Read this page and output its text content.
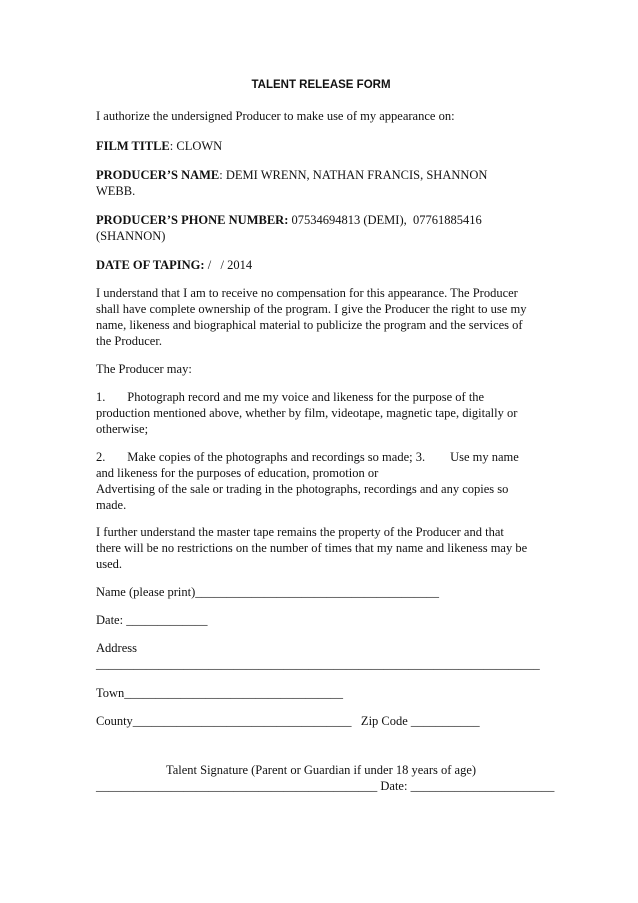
TALENT RELEASE FORM
I authorize the undersigned Producer to make use of my appearance on:
FILM TITLE: CLOWN
PRODUCER’S NAME: DEMI WRENN, NATHAN FRANCIS, SHANNON
WEBB.
PRODUCER’S PHONE NUMBER: 07534694813 (DEMI),  07761885416
(SHANNON)
DATE OF TAPING: /   / 2014
I understand that I am to receive no compensation for this appearance. The Producer
shall have complete ownership of the program. I give the Producer the right to use my
name, likeness and biographical material to publicize the program and the services of
the Producer.
The Producer may:
1.       Photograph record and me my voice and likeness for the purpose of the
production mentioned above, whether by film, videotape, magnetic tape, digitally or
otherwise;
2.       Make copies of the photographs and recordings so made; 3.        Use my name
and likeness for the purposes of education, promotion or
Advertising of the sale or trading in the photographs, recordings and any copies so
made.
I further understand the master tape remains the property of the Producer and that
there will be no restrictions on the number of times that my name and likeness may be
used.
Name (please print)_______________________________________
Date: _____________
Address
_______________________________________________________________________
Town___________________________________
County___________________________________   Zip Code ___________
Talent Signature (Parent or Guardian if under 18 years of age)
_____________________________________________ Date: _______________________
